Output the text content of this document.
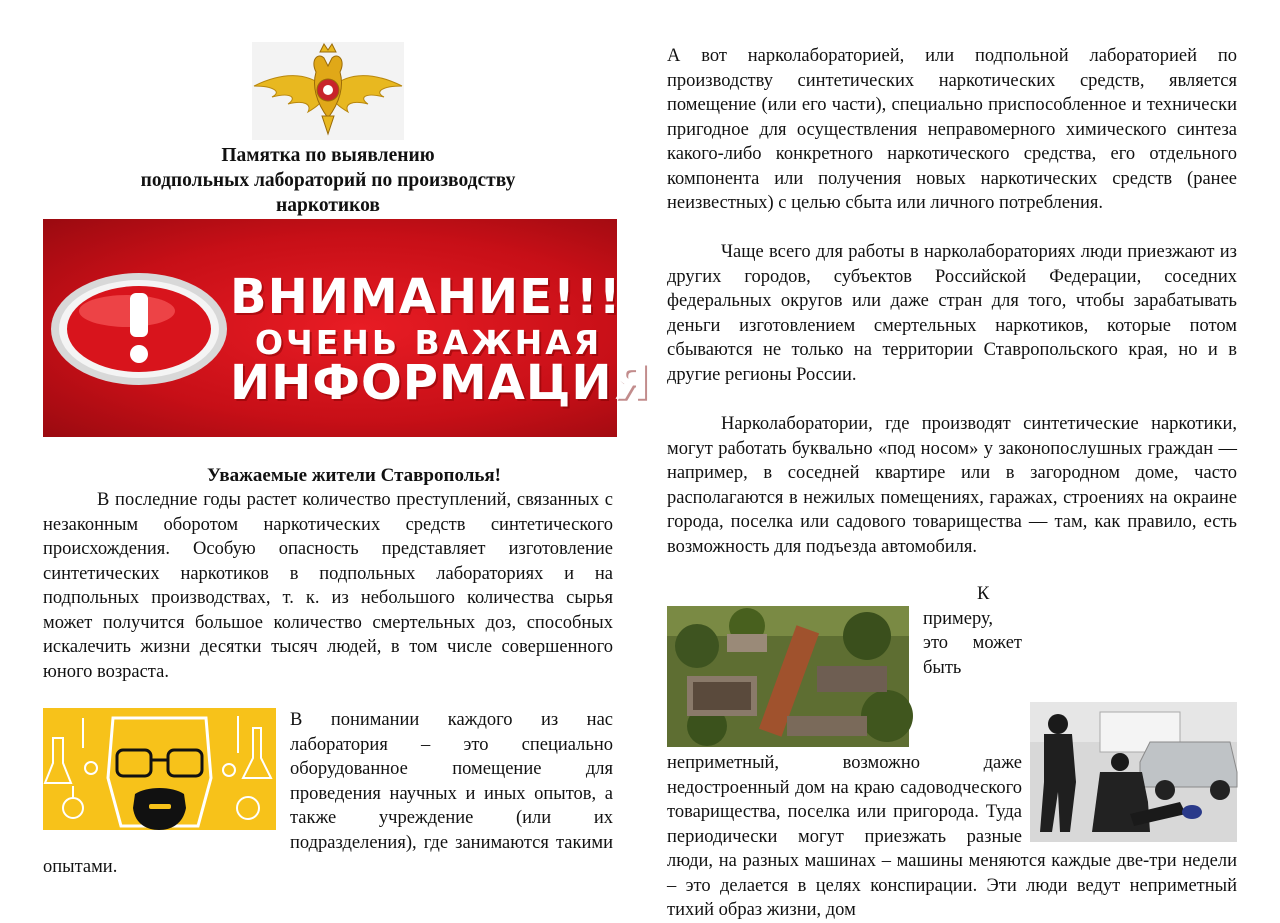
Памятка по выявлению
подпольных лабораторий по производству
наркотиков
ВНИМАНИЕ!!!
ОЧЕНЬ ВАЖНАЯ
ИНФОРМАЦИЯ
Уважаемые жители Ставрополья!

В последние годы растет количество преступлений, связанных с незаконным оборотом наркотических средств синтетического происхождения. Особую опасность представляет изготовление синтетических наркотиков в подпольных лабораториях и на подпольных производствах, т. к. из небольшого количества сырья может получится большое количество смертельных доз, способных искалечить жизни десятки тысяч людей, в том числе совершенного юного возраста.

В понимании каждого из нас лаборатория – это специально оборудованное помещение для проведения научных и иных опытов, а также учреждение (или их подразделения), где занимаются такими опытами.

А вот нарколабораторией, или подпольной лабораторией по производству синтетических наркотических средств, является помещение (или его части), специально приспособленное и технически пригодное для осуществления неправомерного химического синтеза какого-либо конкретного наркотического средства, его отдельного компонента или получения новых наркотических средств (ранее неизвестных) с целью сбыта или личного потребления.

Чаще всего для работы в нарколабораториях люди приезжают из других городов, субъектов Российской Федерации, соседних федеральных округов или даже стран для того, чтобы зарабатывать деньги изготовлением смертельных наркотиков, которые потом сбываются не только на территории Ставропольского края, но и в другие регионы России.

Нарколаборатории, где производят синтетические наркотики, могут работать буквально «под носом» у законопослушных граждан — например, в соседней квартире или в загородном доме, часто располагаются в нежилых помещениях, гаражах, строениях на окраине города, поселка или садового товарищества — там, как правило, есть возможность для подъезда автомобиля.

К примеру, это может быть неприметный, возможно даже недостроенный дом на краю садоводческого товарищества, поселка или пригорода. Туда периодически могут приезжать разные люди, на разных машинах – машины меняются каждые две-три недели – это делается в целях конспирации. Эти люди ведут неприметный тихий образ жизни, дом
